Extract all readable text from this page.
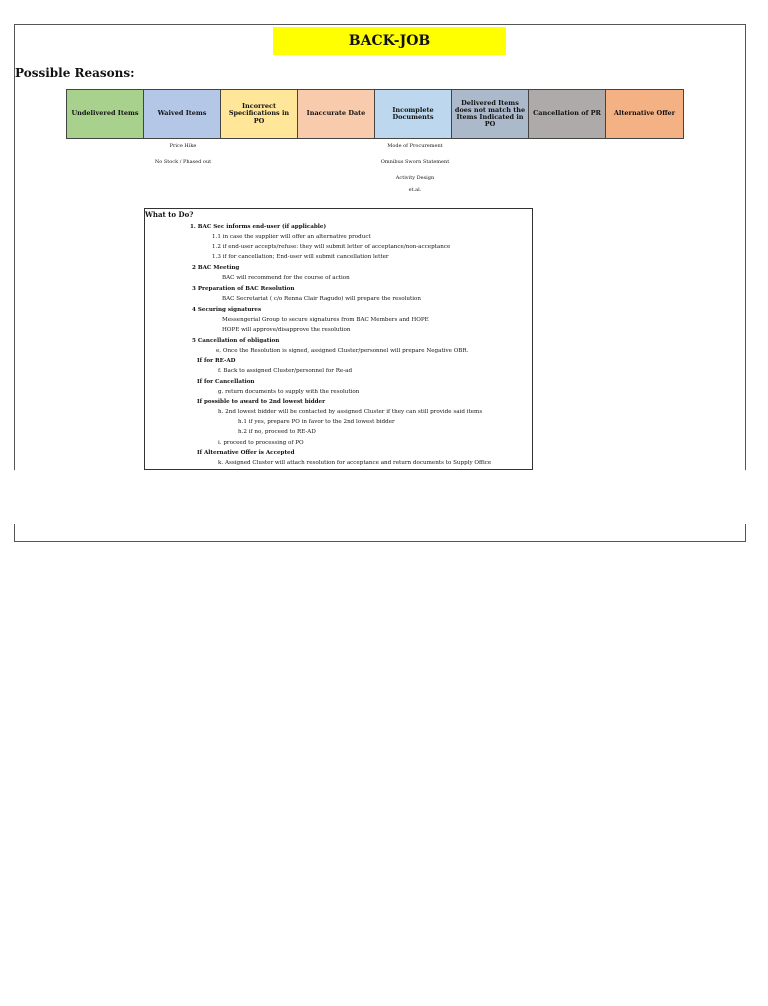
BACK-JOB
Possible Reasons:
Undelivered Items	Waived Items
Incorrect Specifications in PO
Inaccurate Date	Incomplete Documents
Delivered Items does not match the Items Indicated in PO
Cancellation of PR	Alternative Offer
Price Hike
No Stock / Phased out
Mode of Procurement
Omnibus Sworn Statement
Activity Design
et.al.
What to Do?
1. BAC Sec informs end-user (if applicable)
1.1 in case the supplier will offer an alternative product
1.2 if end-user accepts/refuse: they will submit letter of acceptance/non-acceptance
1.3 if for cancellation; End-user will submit cancellation letter
2 BAC Meeting
BAC will recommend for the course of action
3 Preparation of BAC Resolution
BAC Secretariat ( c/o Renna Clair Ragudo) will prepare the resolution
4 Securing signatures
Messengerial Group to secure signatures from BAC Members and HOPE
HOPE will approve/disapprove the resolution
5 Cancellation of obligation
e. Once the Resolution is signed, assigned Cluster/personnel will prepare Negative OBR.
If for RE-AD
f. Back to assigned Cluster/personnel for Re-ad
If for Cancellation
g. return documents to supply with the resolution
If possible to award to 2nd lowest bidder
h. 2nd lowest bidder will be contacted by assigned Cluster if they can still provide said items
h.1 if yes, prepare PO in favor to the 2nd lowest bidder
h.2 if no, proceed to RE-AD
i. proceed to processing of PO
If Alternative Offer is Accepted
k. Assigned Cluster will attach resolution for acceptance and return documents to Supply Office
